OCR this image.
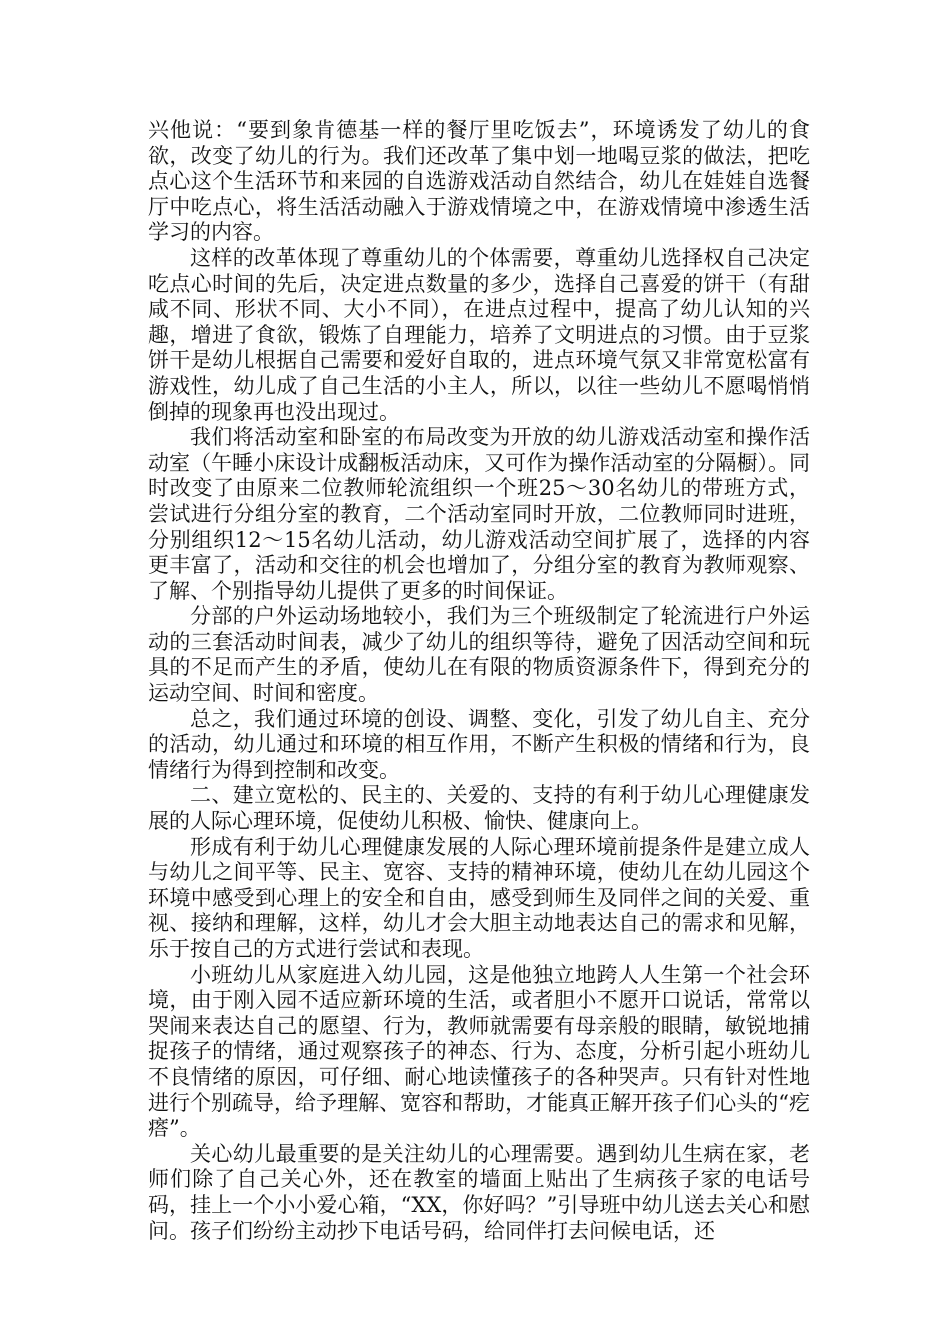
兴他说：“要到象肯德基一样的餐厅里吃饭去”，环境诱发了幼儿的食欲，改变了幼儿的行为。我们还改革了集中划一地喝豆浆的做法，把吃点心这个生活环节和来园的自选游戏活动自然结合，幼儿在娃娃自选餐厅中吃点心，将生活活动融入于游戏情境之中，在游戏情境中渗透生活学习的内容。

这样的改革体现了尊重幼儿的个体需要，尊重幼儿选择权自己决定吃点心时间的先后，决定进点数量的多少，选择自己喜爱的饼干（有甜咸不同、形状不同、大小不同），在进点过程中，提高了幼儿认知的兴趣，增进了食欲，锻炼了自理能力，培养了文明进点的习惯。由于豆浆饼干是幼儿根据自己需要和爱好自取的，进点环境气氛又非常宽松富有游戏性，幼儿成了自己生活的小主人，所以，以往一些幼儿不愿喝悄悄倒掉的现象再也没出现过。

我们将活动室和卧室的布局改变为开放的幼儿游戏活动室和操作活动室（午睡小床设计成翻板活动床，又可作为操作活动室的分隔橱）。同时改变了由原来二位教师轮流组织一个班25～30名幼儿的带班方式，尝试进行分组分室的教育，二个活动室同时开放，二位教师同时进班，分别组织12～15名幼儿活动，幼儿游戏活动空间扩展了，选择的内容更丰富了，活动和交往的机会也增加了，分组分室的教育为教师观察、了解、个别指导幼儿提供了更多的时间保证。

分部的户外运动场地较小，我们为三个班级制定了轮流进行户外运动的三套活动时间表，减少了幼儿的组织等待，避免了因活动空间和玩具的不足而产生的矛盾，使幼儿在有限的物质资源条件下，得到充分的运动空间、时间和密度。

总之，我们通过环境的创设、调整、变化，引发了幼儿自主、充分的活动，幼儿通过和环境的相互作用，不断产生积极的情绪和行为，良情绪行为得到控制和改变。

二、建立宽松的、民主的、关爱的、支持的有利于幼儿心理健康发展的人际心理环境，促使幼儿积极、愉快、健康向上。

形成有利于幼儿心理健康发展的人际心理环境前提条件是建立成人与幼儿之间平等、民主、宽容、支持的精神环境，使幼儿在幼儿园这个环境中感受到心理上的安全和自由，感受到师生及同伴之间的关爱、重视、接纳和理解，这样，幼儿才会大胆主动地表达自己的需求和见解，乐于按自己的方式进行尝试和表现。

小班幼儿从家庭进入幼儿园，这是他独立地跨人人生第一个社会环境，由于刚入园不适应新环境的生活，或者胆小不愿开口说话，常常以哭闹来表达自己的愿望、行为，教师就需要有母亲般的眼睛，敏锐地捕捉孩子的情绪，通过观察孩子的神态、行为、态度，分析引起小班幼儿不良情绪的原因，可仔细、耐心地读懂孩子的各种哭声。只有针对性地进行个别疏导，给予理解、宽容和帮助，才能真正解开孩子们心头的“疙瘩”。

关心幼儿最重要的是关注幼儿的心理需要。遇到幼儿生病在家，老师们除了自己关心外，还在教室的墙面上贴出了生病孩子家的电话号码，挂上一个小小爱心箱，“XX，你好吗？”引导班中幼儿送去关心和慰问。孩子们纷纷主动抄下电话号码，给同伴打去问候电话，还
